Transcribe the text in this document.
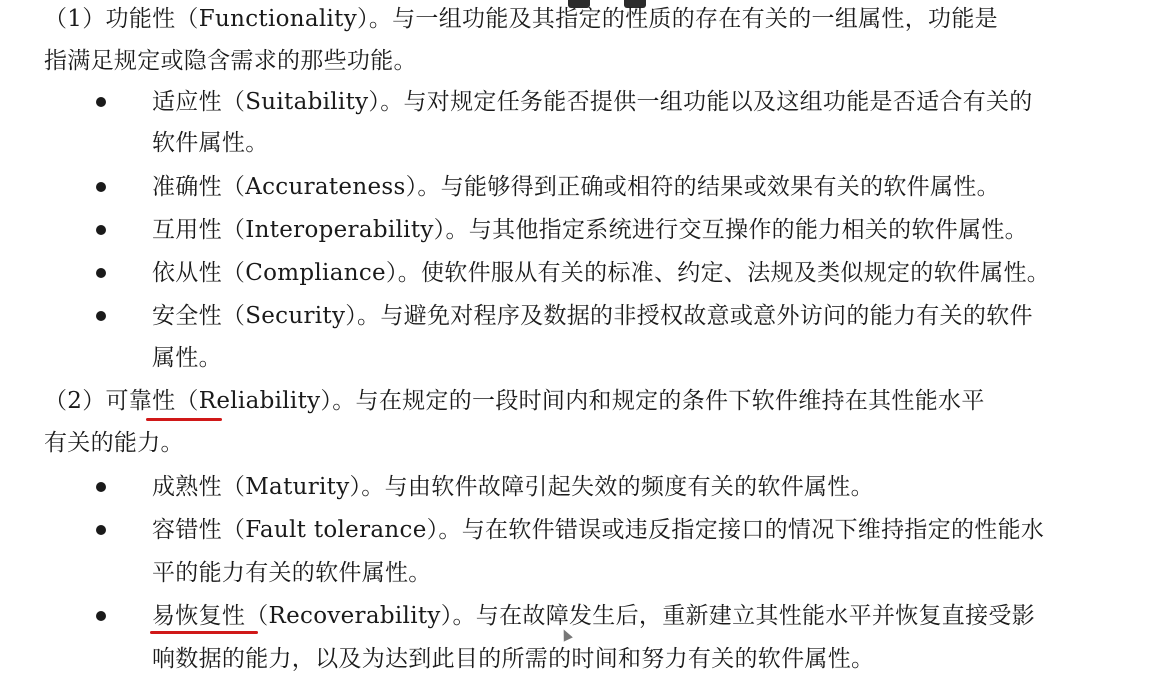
（1）功能性（Functionality）。与一组功能及其指定的性质的存在有关的一组属性，功能是
指满足规定或隐含需求的那些功能。
适应性（Suitability）。与对规定任务能否提供一组功能以及这组功能是否适合有关的
软件属性。
准确性（Accurateness）。与能够得到正确或相符的结果或效果有关的软件属性。
互用性（Interoperability）。与其他指定系统进行交互操作的能力相关的软件属性。
依从性（Compliance）。使软件服从有关的标准、约定、法规及类似规定的软件属性。
安全性（Security）。与避免对程序及数据的非授权故意或意外访问的能力有关的软件
属性。
（2）可靠性（Reliability）。与在规定的一段时间内和规定的条件下软件维持在其性能水平
有关的能力。
成熟性（Maturity）。与由软件故障引起失效的频度有关的软件属性。
容错性（Fault tolerance）。与在软件错误或违反指定接口的情况下维持指定的性能水
平的能力有关的软件属性。
易恢复性（Recoverability）。与在故障发生后，重新建立其性能水平并恢复直接受影
响数据的能力，以及为达到此目的所需的时间和努力有关的软件属性。
